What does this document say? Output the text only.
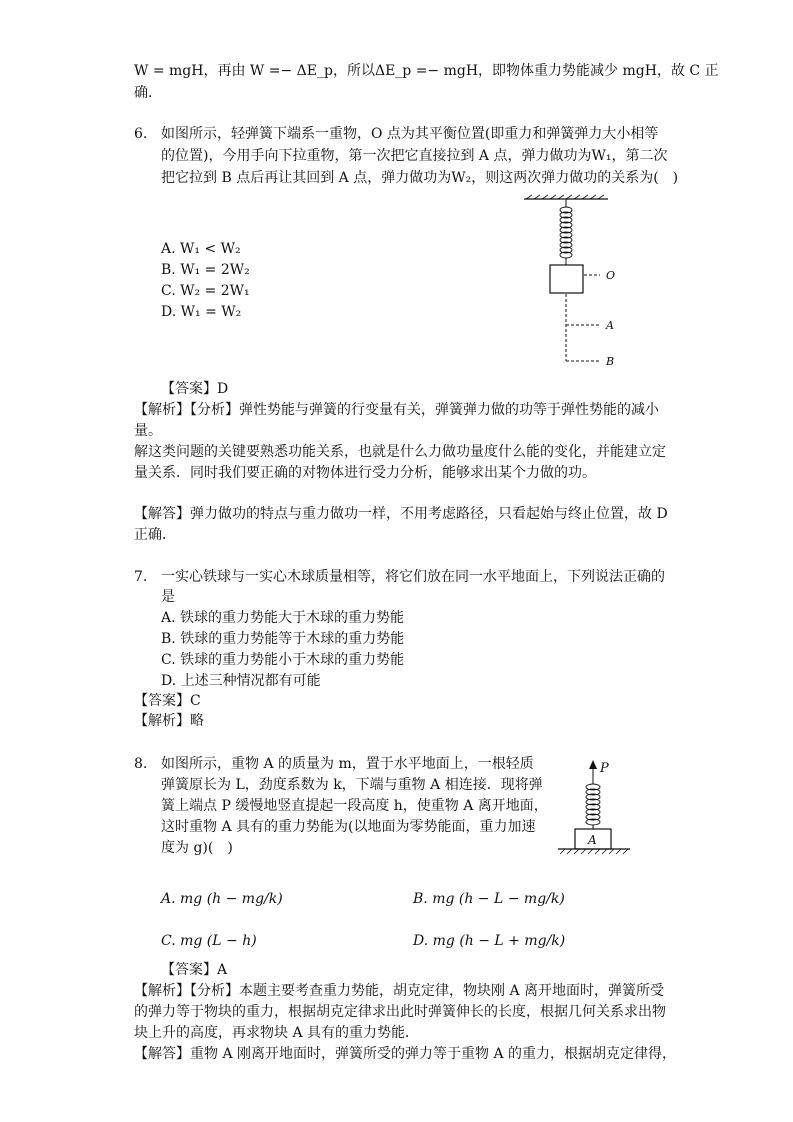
W = mgH，再由 W =− ΔE_p，所以ΔE_p =− mgH，即物体重力势能减少 mgH，故 C 正
确．
6. 如图所示，轻弹簧下端系一重物，O 点为其平衡位置(即重力和弹簧弹力大小相等
的位置)，今用手向下拉重物，第一次把它直接拉到 A 点，弹力做功为W₁，第二次
把它拉到 B 点后再让其回到 A 点，弹力做功为W₂，则这两次弹力做功的关系为(　)
A. W₁ < W₂
B. W₁ = 2W₂
C. W₂ = 2W₁
D. W₁ = W₂
O
A
B
【答案】D
【解析】【分析】弹性势能与弹簧的行变量有关，弹簧弹力做的功等于弹性势能的减小
量。
解这类问题的关键要熟悉功能关系，也就是什么力做功量度什么能的变化，并能建立定
量关系．同时我们要正确的对物体进行受力分析，能够求出某个力做的功。
【解答】弹力做功的特点与重力做功一样，不用考虑路径，只看起始与终止位置，故 D
正确．
7. 一实心铁球与一实心木球质量相等，将它们放在同一水平地面上，下列说法正确的
是
A. 铁球的重力势能大于木球的重力势能
B. 铁球的重力势能等于木球的重力势能
C. 铁球的重力势能小于木球的重力势能
D. 上述三种情况都有可能
【答案】C
【解析】略
8. 如图所示，重物 A 的质量为 m，置于水平地面上，一根轻质
弹簧原长为 L，劲度系数为 k，下端与重物 A 相连接．现将弹
簧上端点 P 缓慢地竖直提起一段高度 h，使重物 A 离开地面，
这时重物 A 具有的重力势能为(以地面为零势能面，重力加速
度为 g)(　)
P
A
A. mg (h − mg/k)	B. mg (h − L − mg/k)
C. mg (L − h)	D. mg (h − L + mg/k)
【答案】A
【解析】【分析】本题主要考查重力势能，胡克定律，物块刚 A 离开地面时，弹簧所受
的弹力等于物块的重力，根据胡克定律求出此时弹簧伸长的长度，根据几何关系求出物
块上升的高度，再求物块 A 具有的重力势能．
【解答】重物 A 刚离开地面时，弹簧所受的弹力等于重物 A 的重力，根据胡克定律得，
